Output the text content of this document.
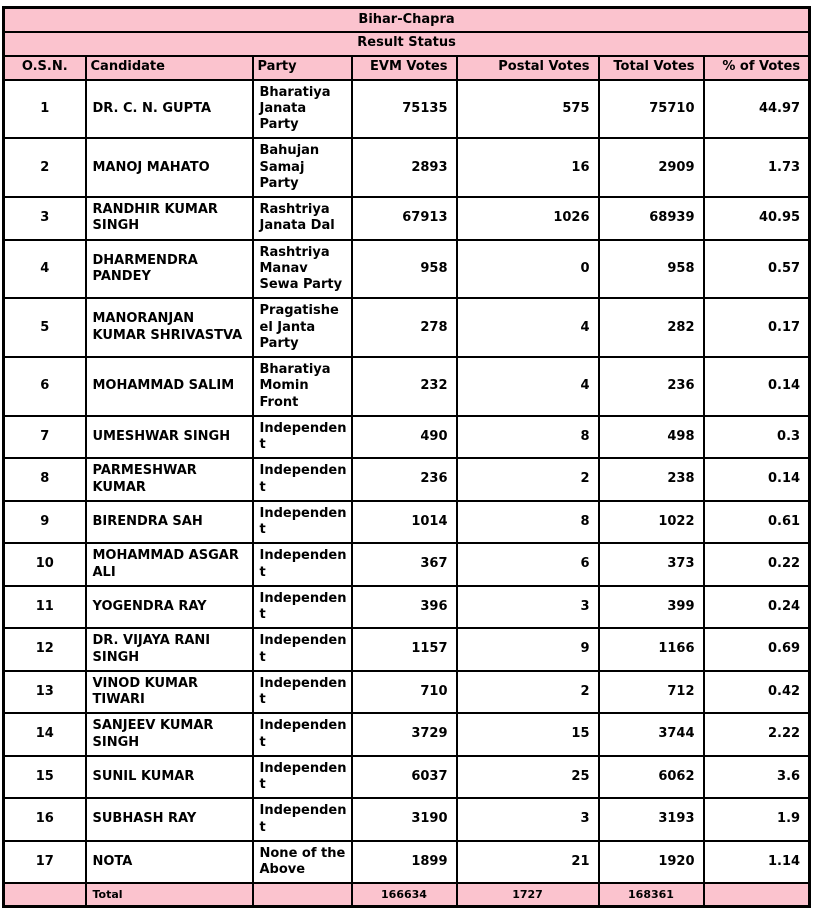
Bihar-Chapra						
Result Status						
O.S.N.	Candidate	Party	EVM Votes	Postal Votes	Total Votes	% of Votes
1	DR. C. N. GUPTA	Bharatiya Janata Party	75135	575	75710	44.97
2	MANOJ MAHATO	Bahujan Samaj Party	2893	16	2909	1.73
3	RANDHIR KUMAR SINGH	Rashtriya Janata Dal	67913	1026	68939	40.95
4	DHARMENDRA PANDEY	Rashtriya Manav Sewa Party	958	0	958	0.57
5	MANORANJAN KUMAR SHRIVASTVA	Pragatisheel Janta Party	278	4	282	0.17
6	MOHAMMAD SALIM	Bharatiya Momin Front	232	4	236	0.14
7	UMESHWAR SINGH	Independent	490	8	498	0.3
8	PARMESHWAR KUMAR	Independent	236	2	238	0.14
9	BIRENDRA SAH	Independent	1014	8	1022	0.61
10	MOHAMMAD ASGAR ALI	Independent	367	6	373	0.22
11	YOGENDRA RAY	Independent	396	3	399	0.24
12	DR. VIJAYA RANI SINGH	Independent	1157	9	1166	0.69
13	VINOD KUMAR TIWARI	Independent	710	2	712	0.42
14	SANJEEV KUMAR SINGH	Independent	3729	15	3744	2.22
15	SUNIL KUMAR	Independent	6037	25	6062	3.6
16	SUBHASH RAY	Independent	3190	3	3193	1.9
17	NOTA	None of the Above	1899	21	1920	1.14
	Total		166634	1727	168361	
